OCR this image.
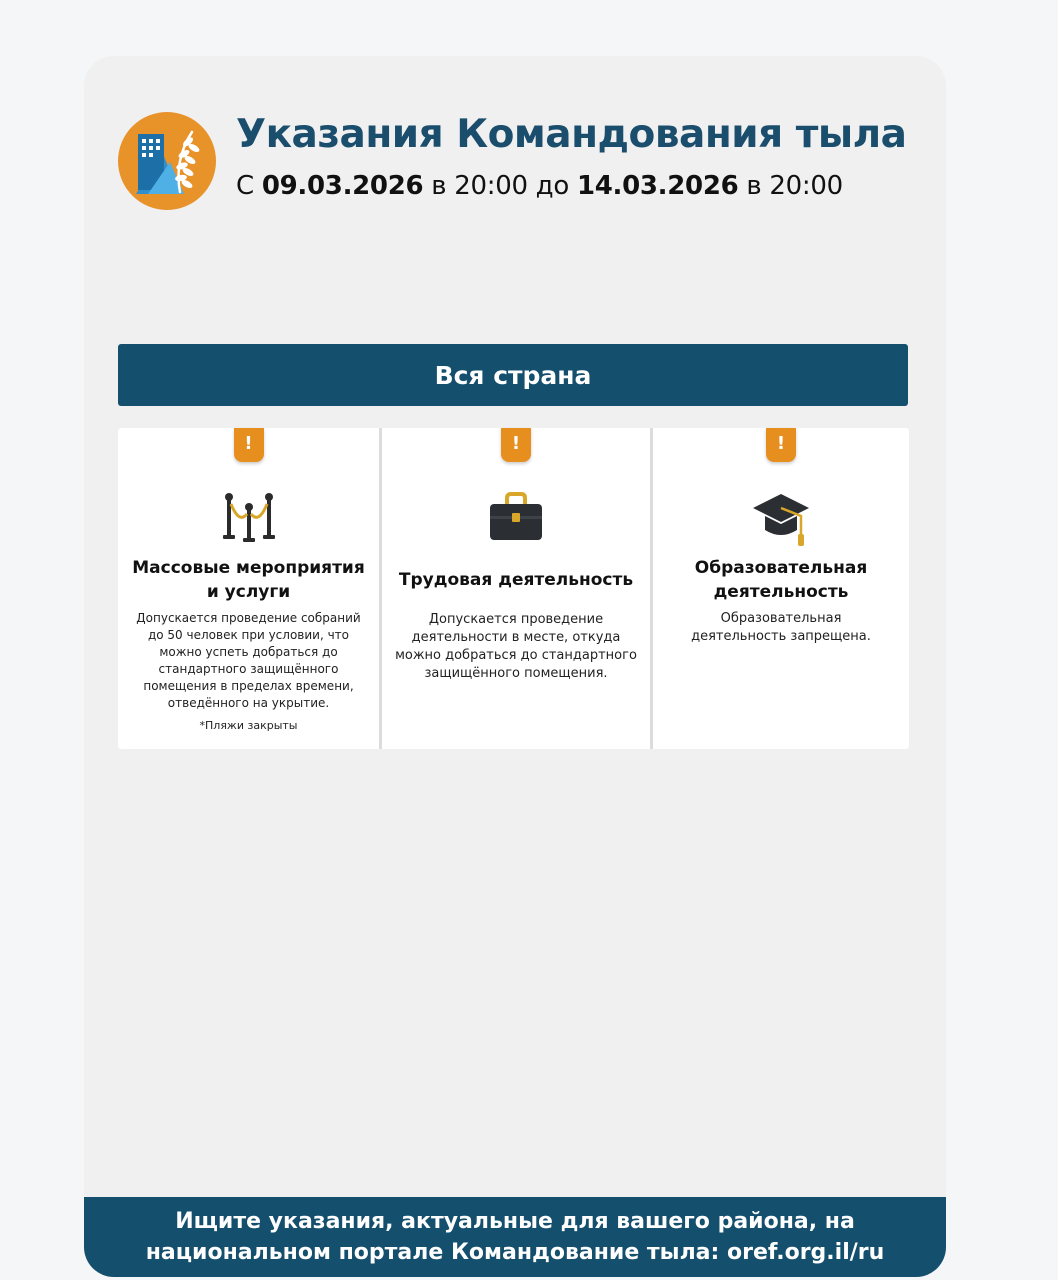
Указания Командования тыла
С 09.03.2026 в 20:00 до 14.03.2026 в 20:00
Вся страна
!
Массовые мероприятия и услуги
Допускается проведение собраний до 50 человек при условии, что можно успеть добраться до стандартного защищённого помещения в пределах времени, отведённого на укрытие.
*Пляжи закрыты
!
Трудовая деятельность
Допускается проведение деятельности в месте, откуда можно добраться до стандартного защищённого помещения.
!
Образовательная деятельность
Образовательная деятельность запрещена.
Ищите указания, актуальные для вашего района, на национальном портале Командование тыла: oref.org.il/ru
